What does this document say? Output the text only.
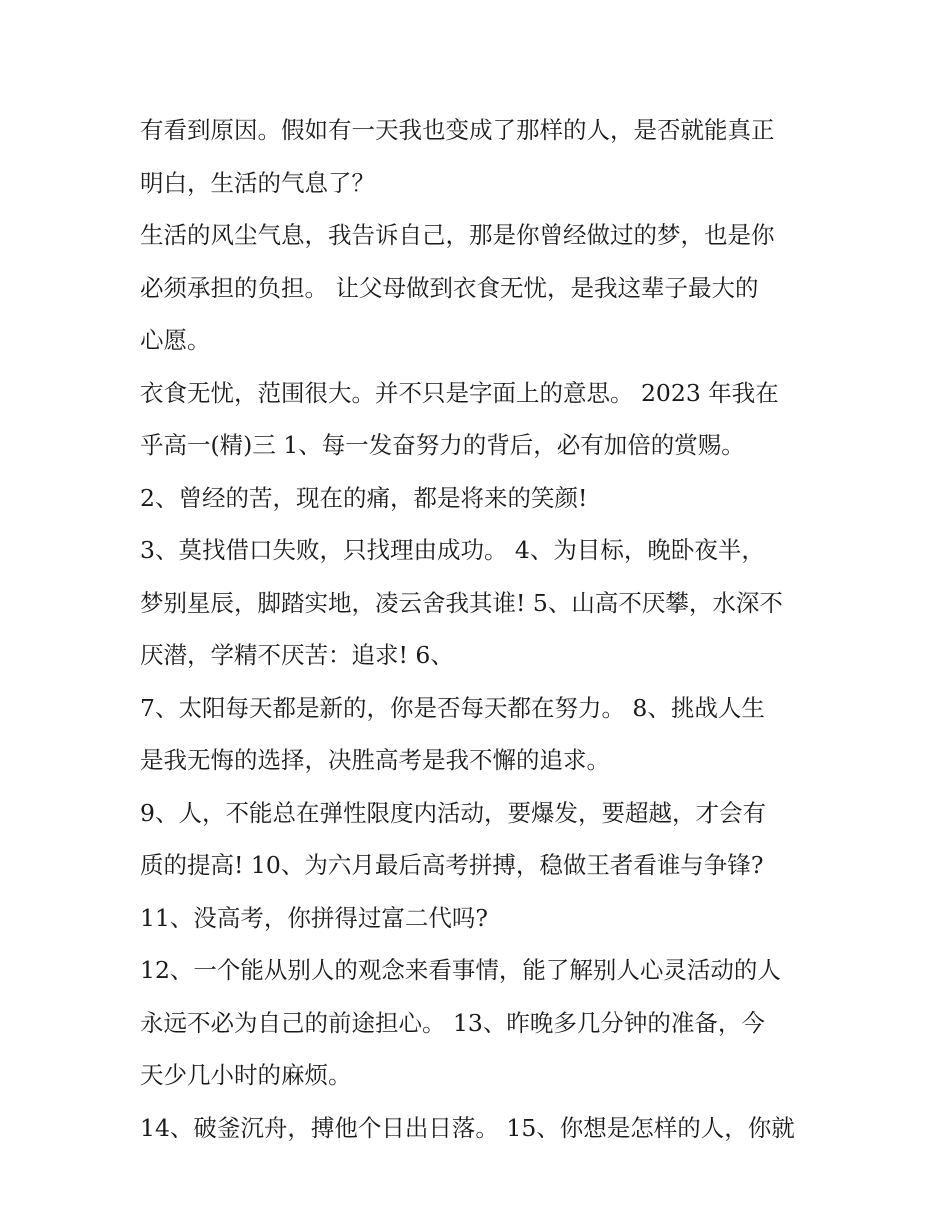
有看到原因。假如有一天我也变成了那样的人，是否就能真正
明白，生活的气息了？
生活的风尘气息，我告诉自己，那是你曾经做过的梦，也是你
必须承担的负担。 让父母做到衣食无忧，是我这辈子最大的
心愿。
衣食无忧，范围很大。并不只是字面上的意思。 2023 年我在
乎高一(精)三 1、每一发奋努力的背后，必有加倍的赏赐。
2、曾经的苦，现在的痛，都是将来的笑颜!
3、莫找借口失败，只找理由成功。 4、为目标，晚卧夜半，
梦别星辰，脚踏实地，凌云舍我其谁! 5、山高不厌攀，水深不
厌潜，学精不厌苦：追求! 6、
7、太阳每天都是新的，你是否每天都在努力。 8、挑战人生
是我无悔的选择，决胜高考是我不懈的追求。
9、人，不能总在弹性限度内活动，要爆发，要超越，才会有
质的提高! 10、为六月最后高考拼搏，稳做王者看谁与争锋?
11、没高考，你拼得过富二代吗?
12、一个能从别人的观念来看事情，能了解别人心灵活动的人
永远不必为自己的前途担心。 13、昨晚多几分钟的准备，今
天少几小时的麻烦。
14、破釜沉舟，搏他个日出日落。 15、你想是怎样的人，你就
